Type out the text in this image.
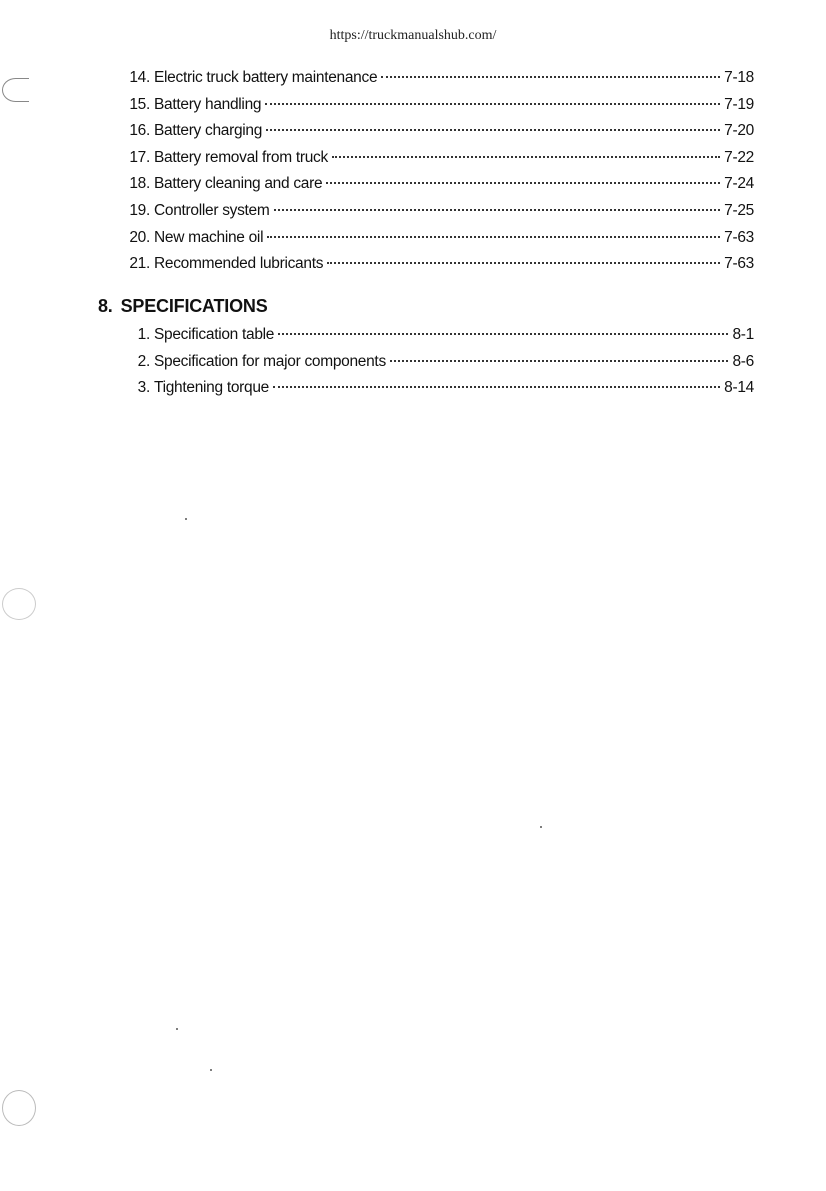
https://truckmanualshub.com/
14. Electric truck battery maintenance	7-18
15. Battery handling	7-19
16. Battery charging	7-20
17. Battery removal from truck	7-22
18. Battery cleaning and care	7-24
19. Controller system	7-25
20. New machine oil	7-63
21. Recommended lubricants	7-63
8. SPECIFICATIONS
1. Specification table	8-1
2. Specification for major components	8-6
3. Tightening torque	8-14
